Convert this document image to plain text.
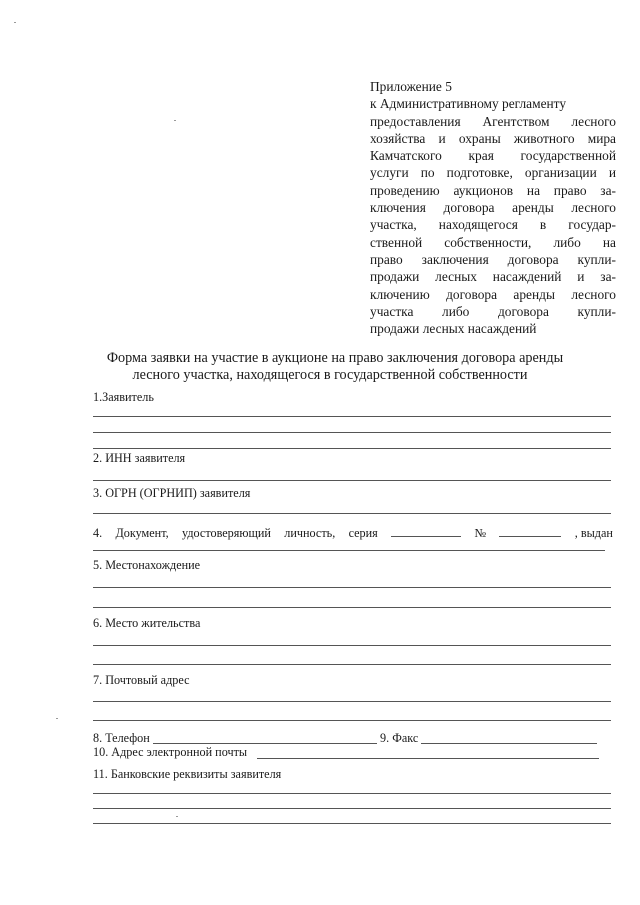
Приложение 5
к Административному регламенту
предоставления Агентством лесного
хозяйства и охраны животного мира
Камчатского края государственной
услуги по подготовке, организации и
проведению аукционов на право за-
ключения договора аренды лесного
участка, находящегося в государ-
ственной собственности, либо на
право заключения договора купли-
продажи лесных насаждений и за-
ключению договора аренды лесного
участка либо договора купли-
продажи лесных насаждений
Форма заявки на участие в аукционе на право заключения договора аренды
лесного участка, находящегося в государственной собственности
1.Заявитель
2. ИНН заявителя
3. ОГРН (ОГРНИП) заявителя
4. Документ, удостоверяющий личность, серия	№	, выдан
5. Местонахождение
6. Место жительства
7. Почтовый адрес
8. Телефон	9. Факс
10. Адрес электронной почты
11. Банковские реквизиты заявителя
